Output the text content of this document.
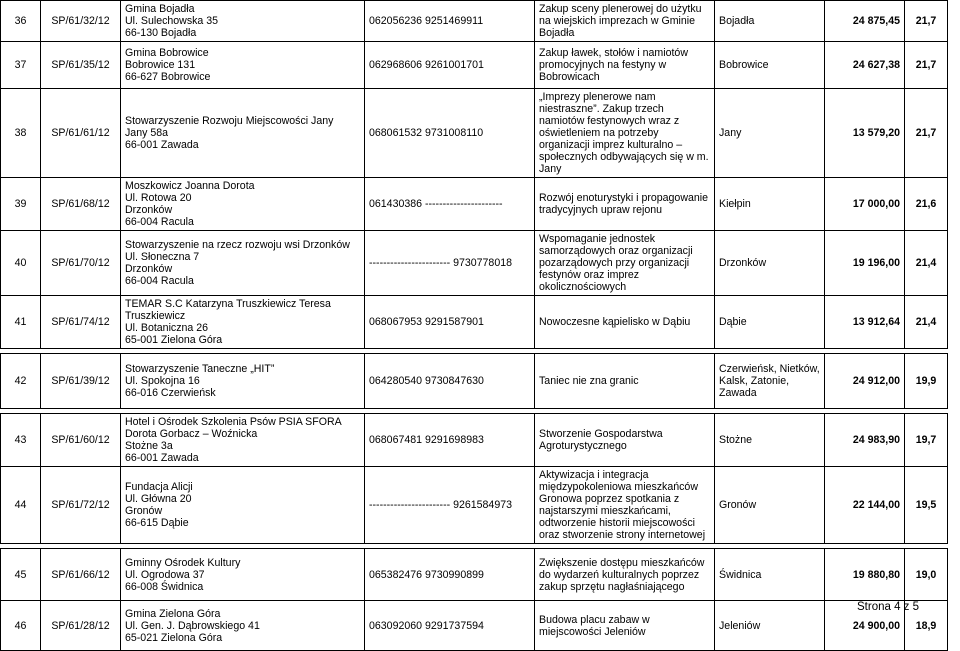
36	SP/61/32/12	Gmina Bojadła
Ul. Sulechowska 35
66-130 Bojadła	062056236 9251469911	Zakup sceny plenerowej do użytku na wiejskich imprezach w Gminie Bojadła	Bojadła	24 875,45	21,7
37	SP/61/35/12	Gmina Bobrowice
Bobrowice 131
66-627 Bobrowice	062968606 9261001701	Zakup ławek, stołów i namiotów promocyjnych na festyny w Bobrowicach	Bobrowice	24 627,38	21,7
38	SP/61/61/12	Stowarzyszenie Rozwoju Miejscowości Jany
Jany 58a
66-001 Zawada	068061532 9731008110	„Imprezy plenerowe nam niestraszne”. Zakup trzech namiotów festynowych wraz z oświetleniem na potrzeby organizacji imprez kulturalno – społecznych odbywających się w m. Jany	Jany	13 579,20	21,7
39	SP/61/68/12	Moszkowicz Joanna Dorota
Ul. Rotowa 20
Drzonków
66-004 Racula	061430386 ----------------------	Rozwój enoturystyki i propagowanie tradycyjnych upraw rejonu	Kiełpin	17 000,00	21,6
40	SP/61/70/12	Stowarzyszenie na rzecz rozwoju wsi Drzonków
Ul. Słoneczna 7
Drzonków
66-004 Racula	----------------------- 9730778018	Wspomaganie jednostek samorządowych oraz organizacji pozarządowych przy organizacji festynów oraz imprez okolicznościowych	Drzonków	19 196,00	21,4
41	SP/61/74/12	TEMAR S.C Katarzyna Truszkiewicz Teresa Truszkiewicz
Ul. Botaniczna 26
65-001 Zielona Góra	068067953 9291587901	Nowoczesne kąpielisko w Dąbiu	Dąbie	13 912,64	21,4

42	SP/61/39/12	Stowarzyszenie Taneczne „HIT”
Ul. Spokojna 16
66-016 Czerwieńsk	064280540 9730847630	Taniec nie zna granic	Czerwieńsk, Nietków, Kalsk, Zatonie, Zawada	24 912,00	19,9

43	SP/61/60/12	Hotel i Ośrodek Szkolenia Psów PSIA SFORA
Dorota Gorbacz – Woźnicka
Stożne 3a
66-001 Zawada	068067481 9291698983	Stworzenie Gospodarstwa Agroturystycznego	Stożne	24 983,90	19,7
44	SP/61/72/12	Fundacja Alicji
Ul. Główna 20
Gronów
66-615 Dąbie	----------------------- 9261584973	Aktywizacja i integracja międzypokoleniowa mieszkańców Gronowa poprzez spotkania z najstarszymi mieszkańcami, odtworzenie historii miejscowości oraz stworzenie strony internetowej	Gronów	22 144,00	19,5

45	SP/61/66/12	Gminny Ośrodek Kultury
Ul. Ogrodowa 37
66-008 Świdnica	065382476 9730990899	Zwiększenie dostępu mieszkańców do wydarzeń kulturalnych poprzez zakup sprzętu nagłaśniającego	Świdnica	19 880,80	19,0
46	SP/61/28/12	Gmina Zielona Góra
Ul. Gen. J. Dąbrowskiego 41
65-021 Zielona Góra	063092060 9291737594	Budowa placu zabaw w miejscowości Jeleniów	Jeleniów	24 900,00	18,9
Strona 4 z 5
